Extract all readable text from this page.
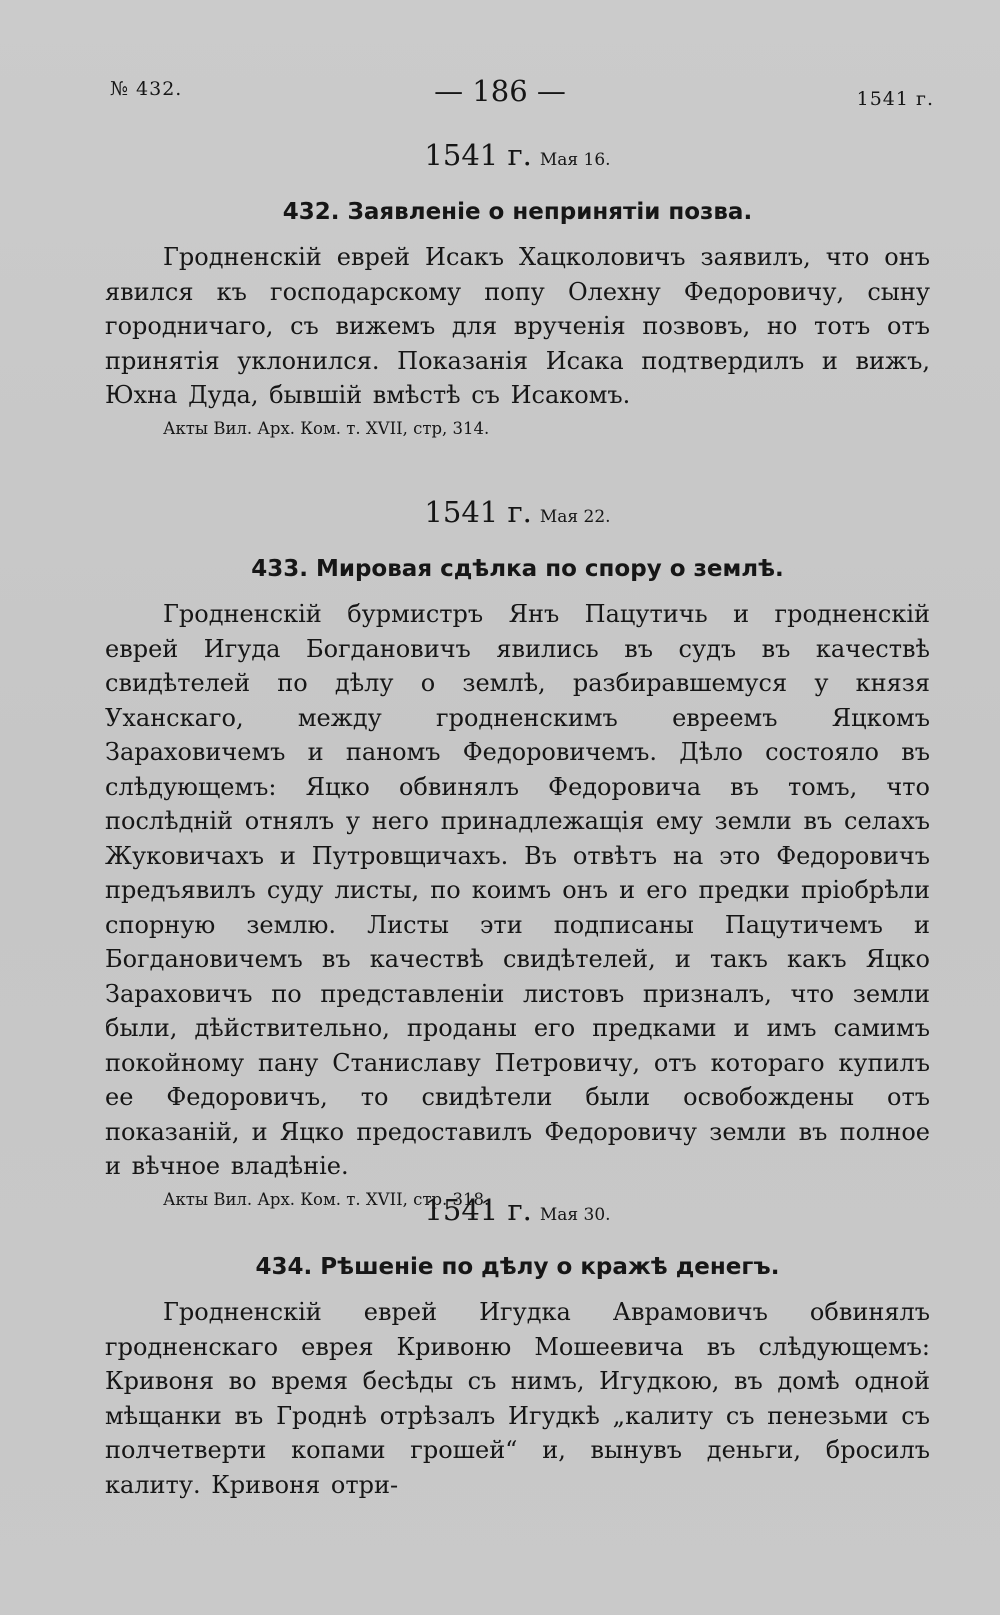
№ 432.	— 186 —	1541 г.
1541 г. Мая 16.
432. Заявленіе о непринятіи позва.
Гродненскій еврей Исакъ Хацколовичъ заявилъ, что онъ явился къ господарскому попу Олехну Федоровичу, сыну городничаго, съ вижемъ для врученія позвовъ, но тотъ отъ принятія уклонился. Показанія Исака подтвердилъ и вижъ, Юхна Дуда, бывшій вмѣстѣ съ Исакомъ.
Акты Вил. Арх. Ком. т. XVII, стр, 314.
1541 г. Мая 22.
433. Мировая сдѣлка по спору о землѣ.
Гродненскій бурмистръ Янъ Пацутичь и гродненскій еврей Игуда Богдановичъ явились въ судъ въ качествѣ свидѣтелей по дѣлу о землѣ, разбиравшемуся у князя Уханскаго, между гродненскимъ евреемъ Яцкомъ Зараховичемъ и паномъ Федоровичемъ. Дѣло состояло въ слѣдующемъ: Яцко обвинялъ Федоровича въ томъ, что послѣдній отнялъ у него принадлежащія ему земли въ селахъ Жуковичахъ и Путровщичахъ. Въ отвѣтъ на это Федоровичъ предъявилъ суду листы, по коимъ онъ и его предки пріобрѣли спорную землю. Листы эти подписаны Пацутичемъ и Богдановичемъ въ качествѣ свидѣтелей, и такъ какъ Яцко Зараховичъ по представленіи листовъ призналъ, что земли были, дѣйствительно, проданы его предками и имъ самимъ покойному пану Станиславу Петровичу, отъ котораго купилъ ее Федоровичъ, то свидѣтели были освобождены отъ показаній, и Яцко предоставилъ Федоровичу земли въ полное и вѣчное владѣніе.
Акты Вил. Арх. Ком. т. XVII, стр. 318.
1541 г. Мая 30.
434. Рѣшеніе по дѣлу о кражѣ денегъ.
Гродненскій еврей Игудка Аврамовичъ обвинялъ гродненскаго еврея Кривоню Мошеевича въ слѣдующемъ: Кривоня во время бесѣды съ нимъ, Игудкою, въ домѣ одной мѣщанки въ Гроднѣ отрѣзалъ Игудкѣ „калиту съ пенезьми съ полчетверти копами грошей“ и, вынувъ деньги, бросилъ калиту. Кривоня отри-
